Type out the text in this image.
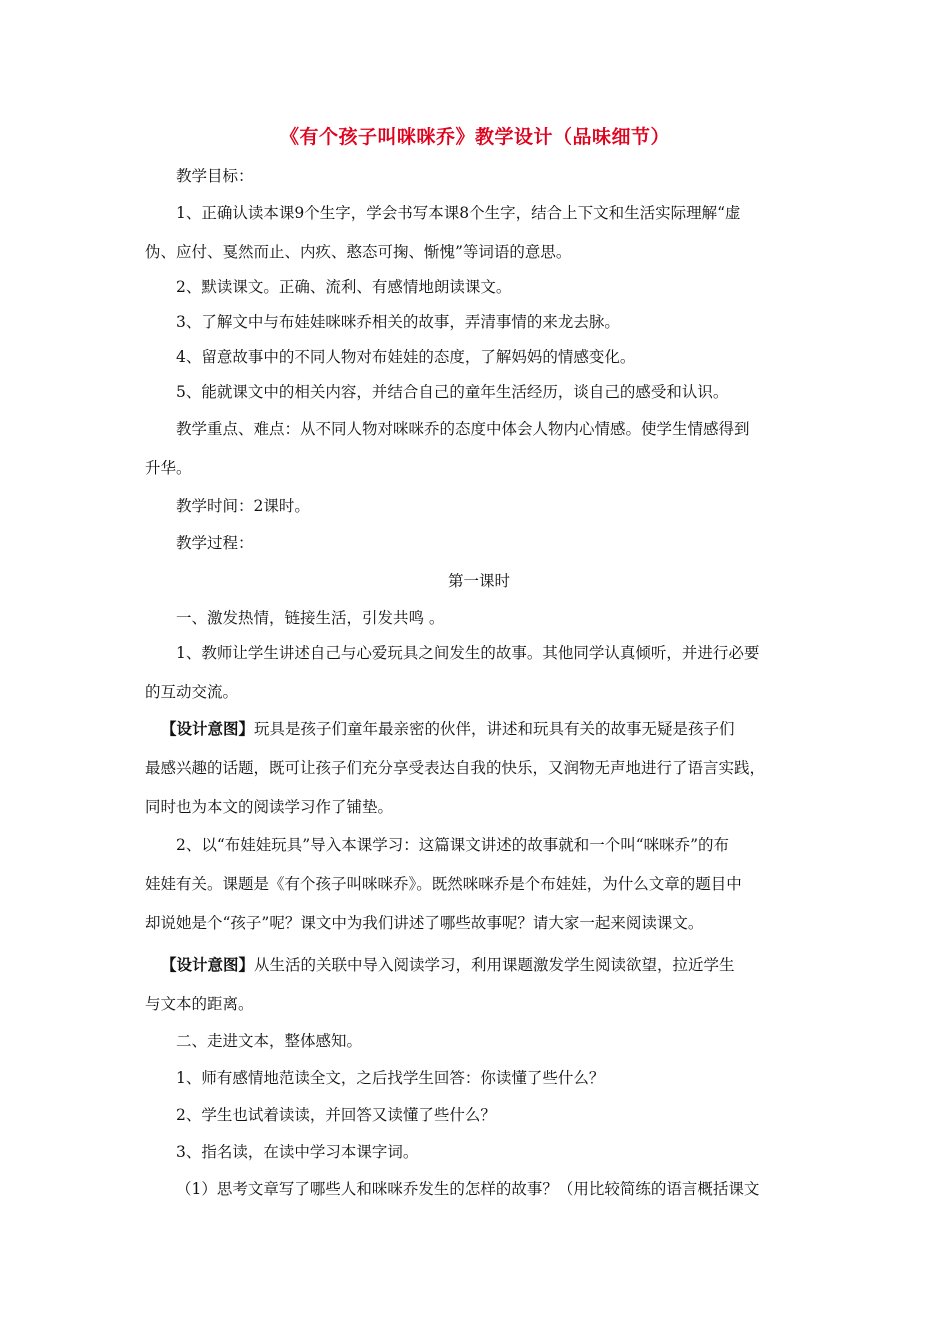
《有个孩子叫咪咪乔》教学设计（品味细节）
教学目标：
1、正确认读本课9个生字，学会书写本课8个生字，结合上下文和生活实际理解“虚
伪、应付、戛然而止、内疚、憨态可掬、惭愧”等词语的意思。
2、默读课文。正确、流利、有感情地朗读课文。
3、了解文中与布娃娃咪咪乔相关的故事，弄清事情的来龙去脉。
4、留意故事中的不同人物对布娃娃的态度，了解妈妈的情感变化。
5、能就课文中的相关内容，并结合自己的童年生活经历，谈自己的感受和认识。
教学重点、难点：从不同人物对咪咪乔的态度中体会人物内心情感。使学生情感得到
升华。
教学时间：2课时。
教学过程：
第一课时
一、激发热情，链接生活，引发共鸣 。
1、教师让学生讲述自己与心爱玩具之间发生的故事。其他同学认真倾听，并进行必要
的互动交流。
【设计意图】玩具是孩子们童年最亲密的伙伴，讲述和玩具有关的故事无疑是孩子们
最感兴趣的话题，既可让孩子们充分享受表达自我的快乐，又润物无声地进行了语言实践，
同时也为本文的阅读学习作了铺垫。
2、以“布娃娃玩具”导入本课学习：这篇课文讲述的故事就和一个叫“咪咪乔”的布
娃娃有关。课题是《有个孩子叫咪咪乔》。既然咪咪乔是个布娃娃，为什么文章的题目中
却说她是个“孩子”呢？课文中为我们讲述了哪些故事呢？请大家一起来阅读课文。
【设计意图】从生活的关联中导入阅读学习，利用课题激发学生阅读欲望，拉近学生
与文本的距离。
二、走进文本，整体感知。
1、师有感情地范读全文，之后找学生回答：你读懂了些什么？
2、学生也试着读读，并回答又读懂了些什么？
3、指名读，在读中学习本课字词。
（1）思考文章写了哪些人和咪咪乔发生的怎样的故事？（用比较简练的语言概括课文
